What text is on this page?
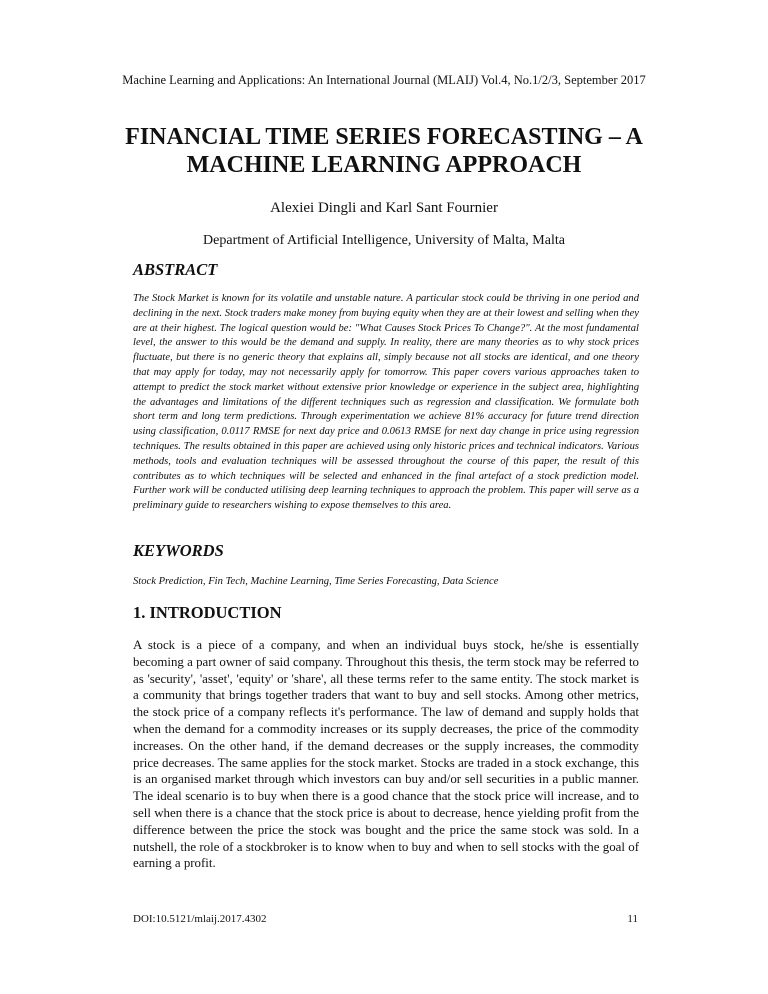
Machine Learning and Applications: An International Journal (MLAIJ) Vol.4, No.1/2/3, September 2017
FINANCIAL TIME SERIES FORECASTING – A MACHINE LEARNING APPROACH
Alexiei Dingli and Karl Sant Fournier
Department of Artificial Intelligence, University of Malta, Malta
ABSTRACT
The Stock Market is known for its volatile and unstable nature. A particular stock could be thriving in one period and declining in the next. Stock traders make money from buying equity when they are at their lowest and selling when they are at their highest. The logical question would be: "What Causes Stock Prices To Change?". At the most fundamental level, the answer to this would be the demand and supply. In reality, there are many theories as to why stock prices fluctuate, but there is no generic theory that explains all, simply because not all stocks are identical, and one theory that may apply for today, may not necessarily apply for tomorrow. This paper covers various approaches taken to attempt to predict the stock market without extensive prior knowledge or experience in the subject area, highlighting the advantages and limitations of the different techniques such as regression and classification. We formulate both short term and long term predictions. Through experimentation we achieve 81% accuracy for future trend direction using classification, 0.0117 RMSE for next day price and 0.0613 RMSE for next day change in price using regression techniques. The results obtained in this paper are achieved using only historic prices and technical indicators. Various methods, tools and evaluation techniques will be assessed throughout the course of this paper, the result of this contributes as to which techniques will be selected and enhanced in the final artefact of a stock prediction model. Further work will be conducted utilising deep learning techniques to approach the problem. This paper will serve as a preliminary guide to researchers wishing to expose themselves to this area.
KEYWORDS
Stock Prediction, Fin Tech, Machine Learning, Time Series Forecasting, Data Science
1. INTRODUCTION
A stock is a piece of a company, and when an individual buys stock, he/she is essentially becoming a part owner of said company. Throughout this thesis, the term stock may be referred to as 'security', 'asset', 'equity' or 'share', all these terms refer to the same entity. The stock market is a community that brings together traders that want to buy and sell stocks. Among other metrics, the stock price of a company reflects it's performance. The law of demand and supply holds that when the demand for a commodity increases or its supply decreases, the price of the commodity increases. On the other hand, if the demand decreases or the supply increases, the commodity price decreases. The same applies for the stock market. Stocks are traded in a stock exchange, this is an organised market through which investors can buy and/or sell securities in a public manner. The ideal scenario is to buy when there is a good chance that the stock price will increase, and to sell when there is a chance that the stock price is about to decrease, hence yielding profit from the difference between the price the stock was bought and the price the same stock was sold. In a nutshell, the role of a stockbroker is to know when to buy and when to sell stocks with the goal of earning a profit.
DOI:10.5121/mlaij.2017.4302	11
